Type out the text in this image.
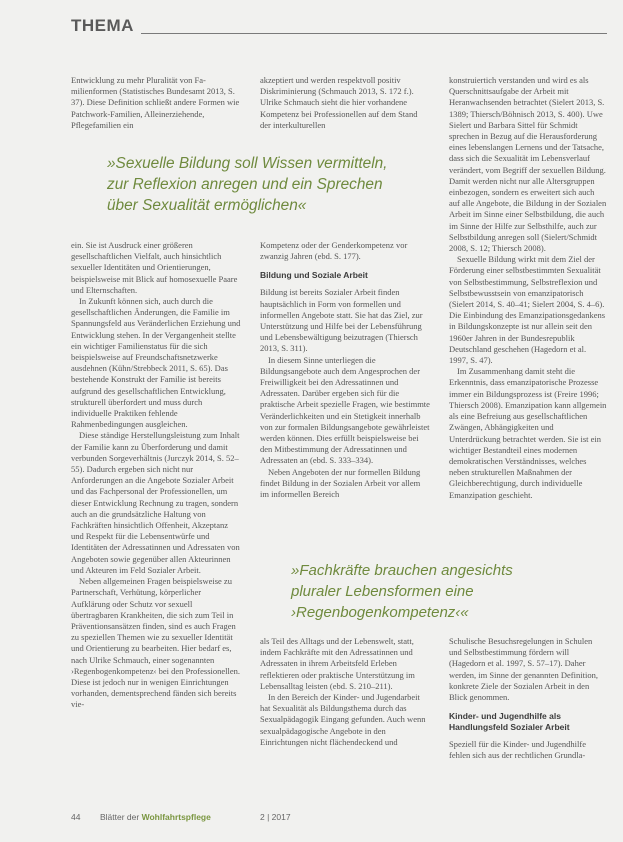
THEMA

Entwicklung zu mehr Pluralität von Fa-milienformen (Statistisches Bundesamt 2013, S. 37). Diese Definition schließt andere Formen wie Patchwork-Familien, Alleinerziehende, Pflegefamilien ein

akzeptiert und werden respektvoll positiv Diskriminierung (Schmauch 2013, S. 172 f.). Ulrike Schmauch sieht die hier vorhandene Kompetenz bei Professionellen auf dem Stand der interkulturellen

konstruiertich verstanden und wird es als Querschnittsaufgabe der Arbeit mit Heranwachsenden betrachtet (Sielert 2013, S. 1389; Thiersch/Böhnisch 2013, S. 400). Uwe Sielert und Barbara Sittel für Schmidt sprechen in Bezug auf die Herausforderung eines lebenslangen Lernens und der Tatsache, dass sich die Sexualität im Lebensverlauf verändert, vom Begriff der sexuellen Bildung. Damit werden nicht nur alle Altersgruppen einbezogen, sondern es erweitert sich auch auf alle Angebote, die Bildung in der Sozialen Arbeit im Sinne einer Selbstbildung, die auch im Sinne der Hilfe zur Selbsthilfe, auch zur Selbstbildung anregen soll (Sielert/Schmidt 2008, S. 12; Thiersch 2008).

Sexuelle Bildung wirkt mit dem Ziel der Förderung einer selbstbestimmten Sexualität von Selbstbestimmung, Selbstreflexion und Selbstbewusstsein von emanzipatorisch (Sielert 2014, S. 40–41; Sielert 2004, S. 4–6). Die Einbindung des Emanzipationsgedankens in Bildungskonzepte ist nur allein seit den 1960er Jahren in der Bundesrepublik Deutschland geschehen (Hagedorn et al. 1997, S. 47).

Im Zusammenhang damit steht die Erkenntnis, dass emanzipatorische Prozesse immer ein Bildungsprozess ist (Freire 1996; Thiersch 2008). Emanzipation kann allgemein als eine Befreiung aus gesellschaftlichen Zwängen, Abhängigkeiten und Unterdrückung betrachtet werden. Sie ist ein wichtiger Bestandteil eines modernen demokratischen Verständnisses, welches neben strukturellen Maßnahmen der Gleichberechtigung, durch individuelle Emanzipation geschieht.

»Sexuelle Bildung soll Wissen vermitteln,
zur Reflexion anregen und ein Sprechen
über Sexualität ermöglichen«

ein. Sie ist Ausdruck einer größeren gesellschaftlichen Vielfalt, auch hinsichtlich sexueller Identitäten und Orientierungen, beispielsweise mit Blick auf homosexuelle Paare und Elternschaften.

In Zukunft können sich, auch durch die gesellschaftlichen Änderungen, die Familie im Spannungsfeld aus Veränderlichen Erziehung und Entwicklung stehen. In der Vergangenheit stellte ein wichtiger Familienstatus für die sich beispielsweise auf Freundschaftsnetzwerke ausdehnen (Kühn/Strebbeck 2011, S. 65). Das bestehende Konstrukt der Familie ist bereits aufgrund des gesellschaftlichen Entwicklung, strukturell überfordert und muss durch individuelle Praktiken fehlende Rahmenbedingungen ausgleichen.

Diese ständige Herstellungsleistung zum Inhalt der Familie kann zu Überforderung und damit verbunden Sorgeverhältnis (Jurczyk 2014, S. 52–55). Dadurch ergeben sich nicht nur Anforderungen an die Angebote Sozialer Arbeit und das Fachpersonal der Professionellen, um dieser Entwicklung Rechnung zu tragen, sondern auch an die grundsätzliche Haltung von Fachkräften hinsichtlich Offenheit, Akzeptanz und Respekt für die Lebensentwürfe und Identitäten der Adressatinnen und Adressaten von Angeboten sowie gegenüber allen Akteurinnen und Akteuren im Feld Sozialer Arbeit.

Neben allgemeinen Fragen beispielsweise zu Partnerschaft, Verhütung, körperlicher Aufklärung oder Schutz vor sexuell übertragbaren Krankheiten, die sich zum Teil in Präventionsansätzen finden, sind es auch Fragen zu speziellen Themen wie zu sexueller Identität und Orientierung zu bearbeiten. Hier bedarf es, nach Ulrike Schmauch, einer sogenannten ›Regenbogenkompetenz‹ bei den Professionellen. Diese ist jedoch nur in wenigen Einrichtungen vorhanden, dementsprechend fänden sich bereits vie-

Kompetenz oder der Genderkompetenz vor zwanzig Jahren (ebd. S. 177).

Bildung und Soziale Arbeit

Bildung ist bereits Sozialer Arbeit finden hauptsächlich in Form von formellen und informellen Angebote statt. Sie hat das Ziel, zur Unterstützung und Hilfe bei der Lebensführung und Lebensbewältigung beizutragen (Thiersch 2013, S. 311).

In diesem Sinne unterliegen die Bildungsangebote auch dem Angesprochen der Freiwilligkeit bei den Adressatinnen und Adressaten. Darüber ergeben sich für die praktische Arbeit spezielle Fragen, wie bestimmte Veränderlichkeiten und ein Stetigkeit innerhalb von zur formalen Bildungsangebote gewährleistet werden können. Dies erfüllt beispielsweise bei den Mitbestimmung der Adressatinnen und Adressaten an (ebd. S. 333–334).

Neben Angeboten der nur formellen Bildung findet Bildung in der Sozialen Arbeit vor allem im informellen Bereich

»Fachkräfte brauchen angesichts
pluraler Lebensformen eine
›Regenbogenkompetenz‹«

als Teil des Alltags und der Lebenswelt, statt, indem Fachkräfte mit den Adressatinnen und Adressaten in ihrem Arbeitsfeld Erleben reflektieren oder praktische Unterstützung im Lebensalltag leisten (ebd. S. 210–211).

In den Bereich der Kinder- und Jugendarbeit hat Sexualität als Bildungsthema durch das Sexualpädagogik Eingang gefunden. Auch wenn sexualpädagogische Angebote in den Einrichtungen nicht flächendeckend und

Schulische Besuchsregelungen in Schulen und Selbstbestimmung fördern will (Hagedorn et al. 1997, S. 57–17). Daher werden, im Sinne der genannten Definition, konkrete Ziele der Sozialen Arbeit in den Blick genommen.

Kinder- und Jugendhilfe als Handlungsfeld Sozialer Arbeit

Speziell für die Kinder- und Jugendhilfe fehlen sich aus der rechtlichen Grundla-

44 Blätter der Wohlfahrtspflege	2 | 2017
